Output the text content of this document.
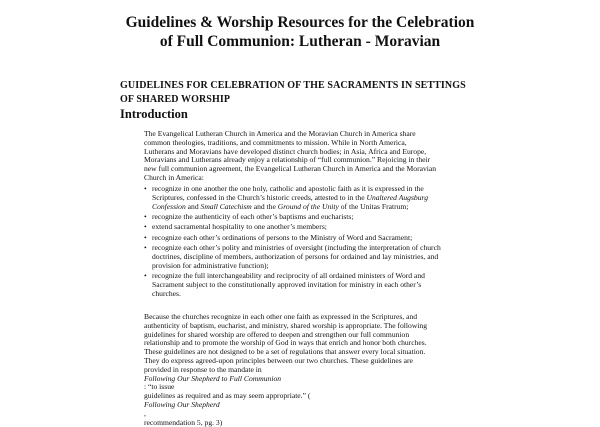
Guidelines & Worship Resources for the Celebration
of Full Communion: Lutheran - Moravian
GUIDELINES FOR CELEBRATION OF THE SACRAMENTS IN SETTINGS
OF SHARED WORSHIP
Introduction
The Evangelical Lutheran Church in America and the Moravian Church in America share
common theologies, traditions, and commitments to mission. While in North America,
Lutherans and Moravians have developed distinct church bodies; in Asia, Africa and Europe,
Moravians and Lutherans already enjoy a relationship of “full communion.” Rejoicing in their
new full communion agreement, the Evangelical Lutheran Church in America and the Moravian
Church in America:
• recognize in one another the one holy, catholic and apostolic faith as it is expressed in the
Scriptures, confessed in the Church’s historic creeds, attested to in the Unaltered Augsburg
Confession and Small Catechism and the Ground of the Unity of the Unitas Fratrum;
• recognize the authenticity of each other’s baptisms and eucharists;
• extend sacramental hospitality to one another’s members;
• recognize each other’s ordinations of persons to the Ministry of Word and Sacrament;
• recognize each other’s polity and ministries of oversight (including the interpretation of church
doctrines, discipline of members, authorization of persons for ordained and lay ministries, and
provision for administrative function);
• recognize the full interchangeability and reciprocity of all ordained ministers of Word and
Sacrament subject to the constitutionally approved invitation for ministry in each other’s
churches.
Because the churches recognize in each other one faith as expressed in the Scriptures, and
authenticity of baptism, eucharist, and ministry, shared worship is appropriate. The following
guidelines for shared worship are offered to deepen and strengthen our full communion
relationship and to promote the worship of God in ways that enrich and honor both churches.
These guidelines are not designed to be a set of regulations that answer every local situation.
They do express agreed-upon principles between our two churches. These guidelines are
provided in response to the mandate in
Following Our Shepherd to Full Communion
: “to issue
guidelines as required and as may seem appropriate.” (
Following Our Shepherd
,
recommendation 5, pg. 3)
